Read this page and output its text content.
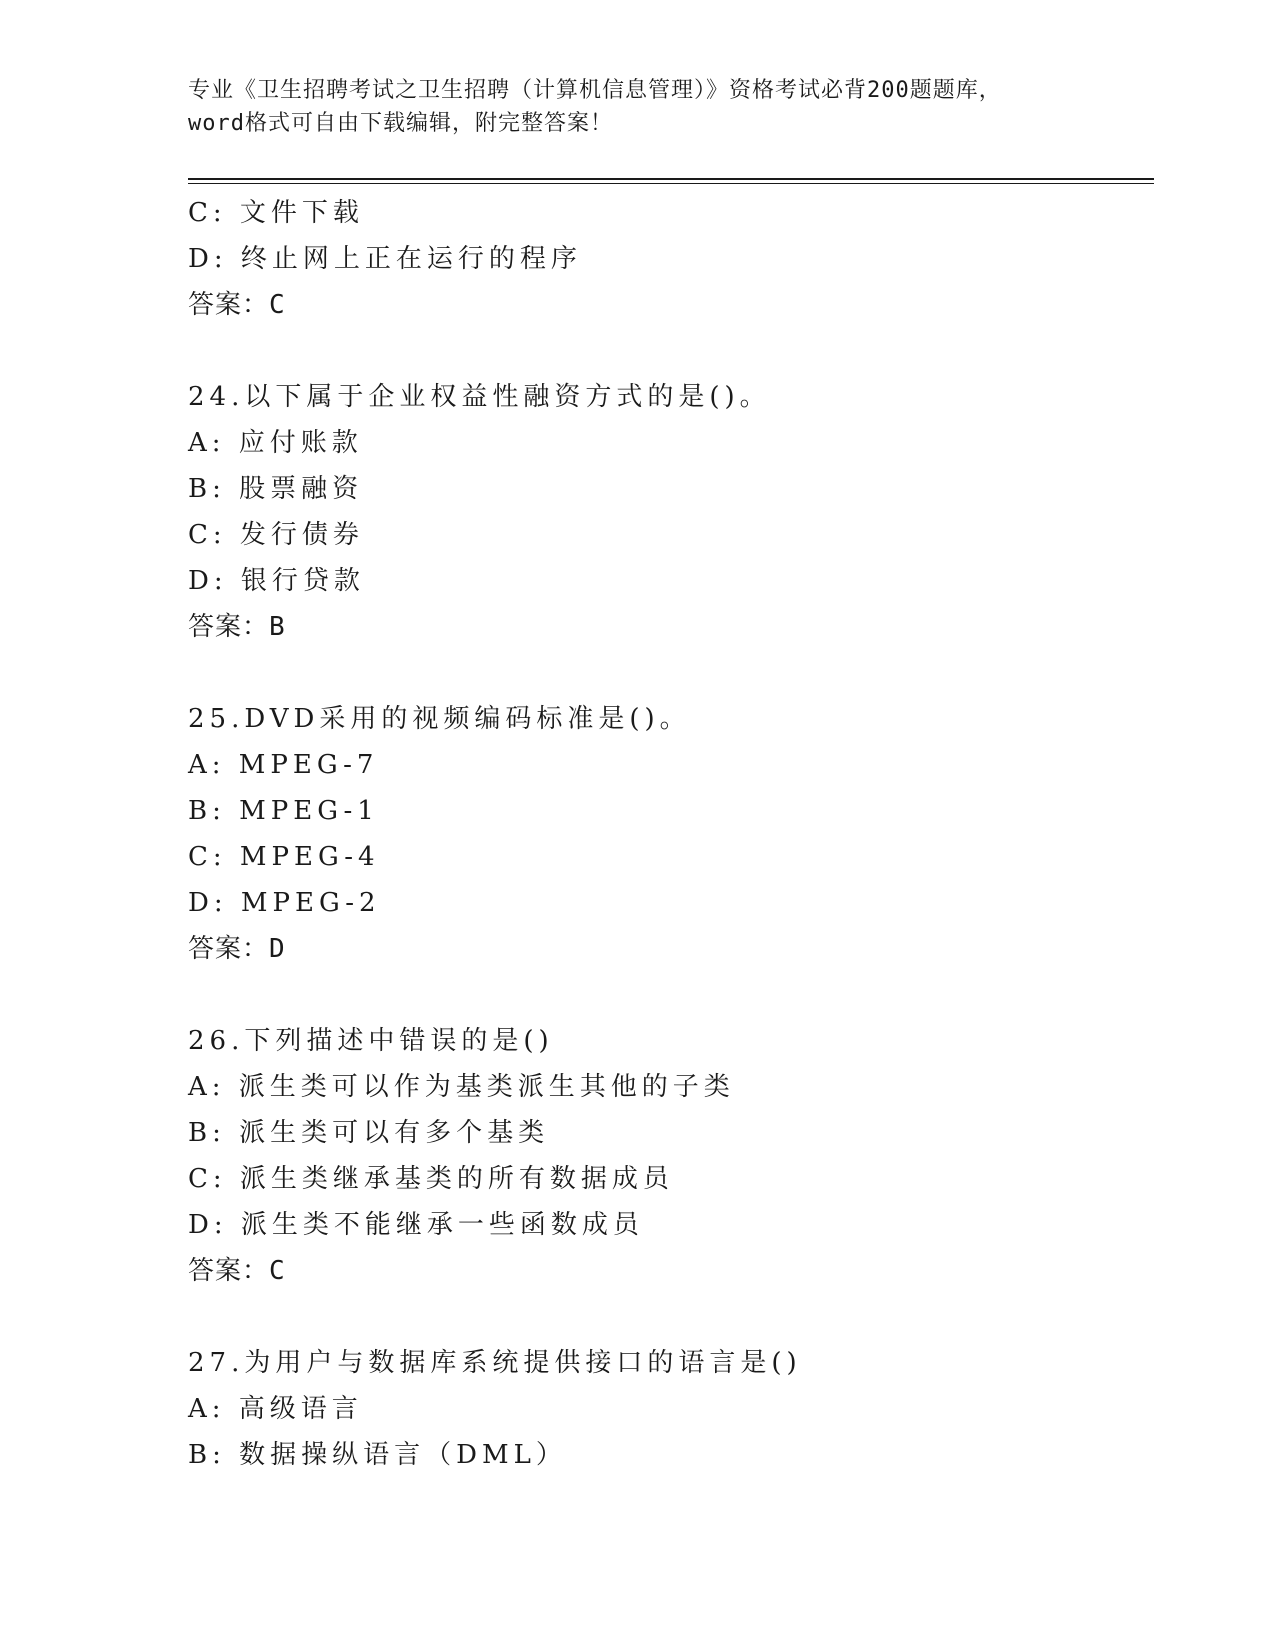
专业《卫生招聘考试之卫生招聘（计算机信息管理）》资格考试必背200题题库，
word格式可自由下载编辑，附完整答案！
C: 文件下载
D: 终止网上正在运行的程序
答案：C
24.以下属于企业权益性融资方式的是()。
A: 应付账款
B: 股票融资
C: 发行债券
D: 银行贷款
答案：B
25.DVD采用的视频编码标准是()。
A: MPEG-7
B: MPEG-1
C: MPEG-4
D: MPEG-2
答案：D
26.下列描述中错误的是()
A: 派生类可以作为基类派生其他的子类
B: 派生类可以有多个基类
C: 派生类继承基类的所有数据成员
D: 派生类不能继承一些函数成员
答案：C
27.为用户与数据库系统提供接口的语言是()
A: 高级语言
B: 数据操纵语言（DML）
